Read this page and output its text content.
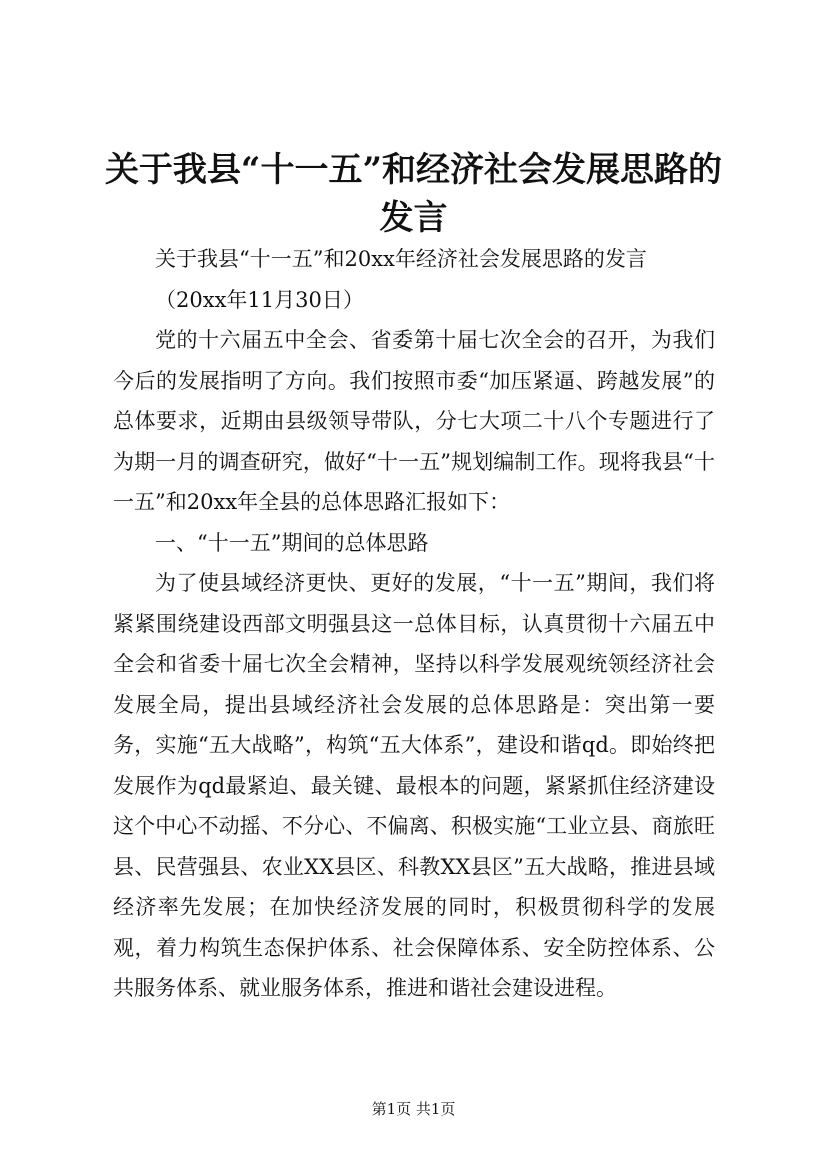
关于我县“十一五”和经济社会发展思路的发言

关于我县“十一五”和20xx年经济社会发展思路的发言

（20xx年11月30日）

党的十六届五中全会、省委第十届七次全会的召开，为我们今后的发展指明了方向。我们按照市委“加压紧逼、跨越发展”的总体要求，近期由县级领导带队，分七大项二十八个专题进行了为期一月的调查研究，做好“十一五”规划编制工作。现将我县“十一五”和20xx年全县的总体思路汇报如下：

一、“十一五”期间的总体思路

为了使县域经济更快、更好的发展，“十一五”期间，我们将紧紧围绕建设西部文明强县这一总体目标，认真贯彻十六届五中全会和省委十届七次全会精神，坚持以科学发展观统领经济社会发展全局，提出县域经济社会发展的总体思路是：突出第一要务，实施“五大战略”，构筑“五大体系”，建设和谐qd。即始终把发展作为qd最紧迫、最关键、最根本的问题，紧紧抓住经济建设这个中心不动摇、不分心、不偏离、积极实施“工业立县、商旅旺县、民营强县、农业XX县区、科教XX县区”五大战略，推进县域经济率先发展；在加快经济发展的同时，积极贯彻科学的发展观，着力构筑生态保护体系、社会保障体系、安全防控体系、公共服务体系、就业服务体系，推进和谐社会建设进程。

第1页 共1页
